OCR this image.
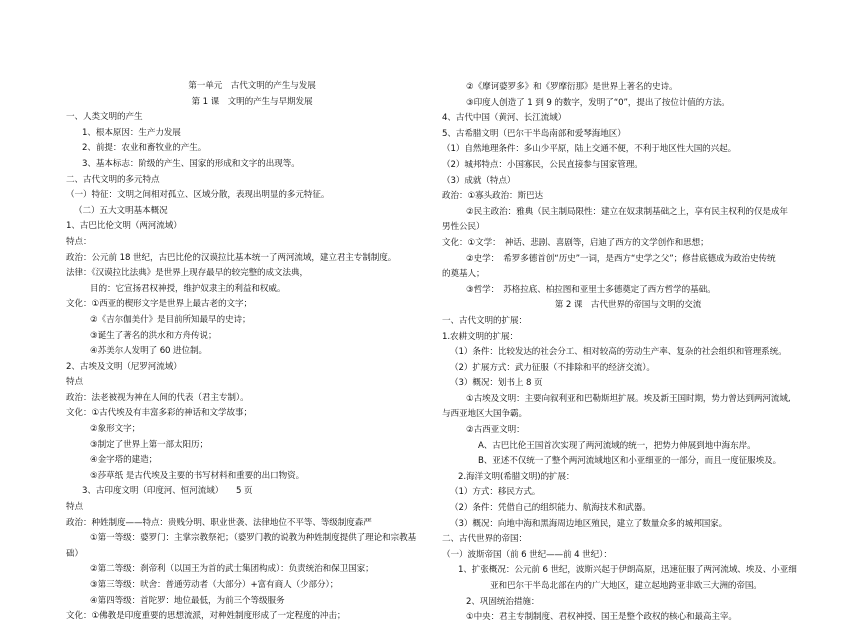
第一单元　古代文明的产生与发展
第 1 课　文明的产生与早期发展
一、人类文明的产生
1、根本原因：生产力发展
2、前提：农业和畜牧业的产生。
3、基本标志：阶级的产生、国家的形成和文字的出现等。
二、古代文明的多元特点
（一）特征：文明之间相对孤立、区域分散，表现出明显的多元特征。
（二）五大文明基本概况
1、古巴比伦文明（两河流域）
特点：
政治：公元前 18 世纪，古巴比伦的汉谟拉比基本统一了两河流域，建立君主专制制度。
法律：《汉谟拉比法典》是世界上现存最早的较完整的成文法典，
目的：它宣扬君权神授，维护奴隶主的利益和权威。
文化：①西亚的楔形文字是世界上最古老的文字；
②《吉尔伽美什》是目前所知最早的史诗；
③诞生了著名的洪水和方舟传说；
④苏美尔人发明了 60 进位制。
2、古埃及文明（尼罗河流域）
特点
政治：法老被视为神在人间的代表（君主专制）。
文化：①古代埃及有丰富多彩的神话和文学故事；
②象形文字；
③制定了世界上第一部太阳历；
④金字塔的建造；
⑤莎草纸 是古代埃及主要的书写材料和重要的出口物资。
3、古印度文明（印度河、恒河流域）　　5 页
特点
政治：种姓制度——特点：贵贱分明、职业世袭、法律地位不平等、等级制度森严
①第一等级：婆罗门：主掌宗教祭祀；（婆罗门教的说教为种姓制度提供了理论和宗教基
础）
②第二等级：刹帝利（以国王为首的武士集团构成）：负责统治和保卫国家；
③第三等级：吠舍：普通劳动者（大部分）+富有商人（少部分）；
④第四等级：首陀罗：地位最低，为前三个等级服务
文化：①佛教是印度重要的思想流派，对种姓制度形成了一定程度的冲击；
②《摩诃婆罗多》和《罗摩衍那》是世界上著名的史诗。
③印度人创造了 1 到 9 的数字，发明了“0”，提出了按位计值的方法。
4、古代中国（黄河、长江流域）
5、古希腊文明（巴尔干半岛南部和爱琴海地区）
（1）自然地理条件：多山少平原，陆上交通不便，不利于地区性大国的兴起。
（2）城邦特点：小国寡民，公民直接参与国家管理。
（3）成就（特点）
政治：①寡头政治：斯巴达
②民主政治：雅典（民主制局限性：建立在奴隶制基础之上，享有民主权利的仅是成年
男性公民）
文化：①文学：　神话、悲剧、喜剧等，启迪了西方的文学创作和思想；
②史学：　希罗多德首创“历史”一词，是西方“史学之父”；修昔底德成为政治史传统
的奠基人；
③哲学：　苏格拉底、柏拉图和亚里士多德奠定了西方哲学的基础。
第 2 课　古代世界的帝国与文明的交流
一、古代文明的扩展：
1.农耕文明的扩展：
（1）条件：比较发达的社会分工、相对较高的劳动生产率、复杂的社会组织和管理系统。
（2）扩展方式：武力征服（不排除和平的经济交流）。
（3）概况：划书上 8 页
①古埃及文明：主要向叙利亚和巴勒斯坦扩展。埃及新王国时期，势力曾达到两河流域,
与西亚地区大国争霸。
②古西亚文明：
A、古巴比伦王国首次实现了两河流域的统一，把势力伸展到地中海东岸。
B、亚述不仅统一了整个两河流域地区和小亚细亚的一部分，而且一度征服埃及。
2.海洋文明(希腊文明)的扩展：
（1）方式：移民方式。
（2）条件：凭借自己的组织能力、航海技术和武器。
（3）概况：向地中海和黑海周边地区殖民，建立了数量众多的城邦国家。
二、古代世界的帝国：
（一）波斯帝国（前 6 世纪——前 4 世纪）：
1、扩张概况：公元前 6 世纪，波斯兴起于伊朗高原，迅速征服了两河流域、埃及、小亚细
亚和巴尔干半岛北部在内的广大地区，建立起地跨亚非欧三大洲的帝国。
2、巩固统治措施：
①中央：君主专制制度、君权神授、国王是整个政权的核心和最高主宰。
